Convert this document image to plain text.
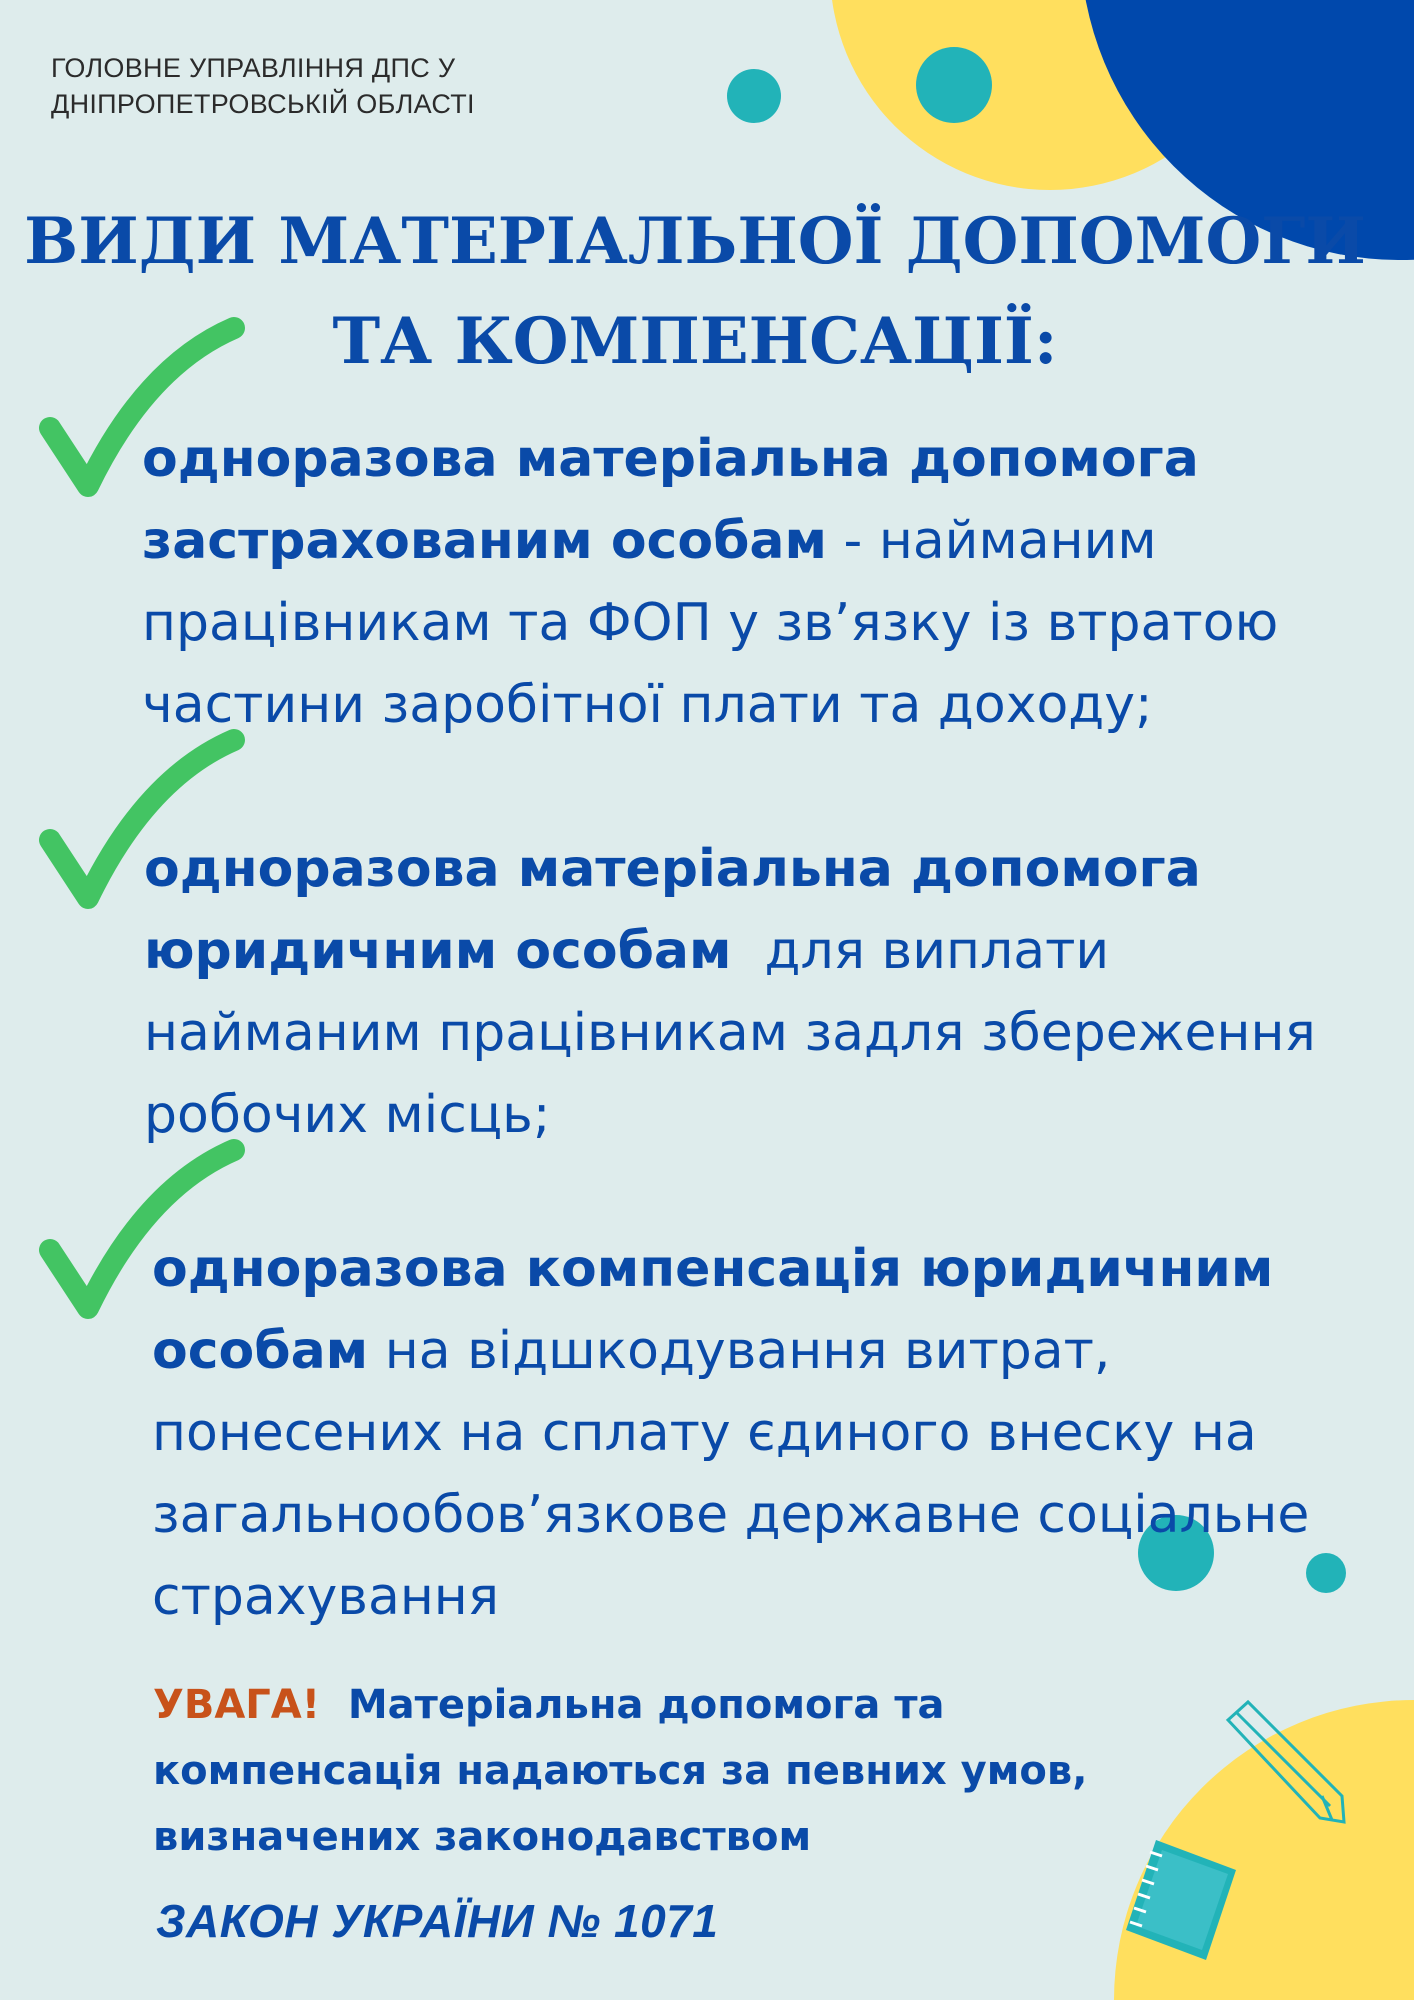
ГОЛОВНЕ УПРАВЛІННЯ ДПС У
ДНІПРОПЕТРОВСЬКІЙ ОБЛАСТІ
ВИДИ МАТЕРІАЛЬНОЇ ДОПОМОГИ
ТА КОМПЕНСАЦІЇ:
одноразова матеріальна допомога застрахованим особам - найманим працівникам та ФОП у зв’язку із втратою частини заробітної плати та доходу;
одноразова матеріальна допомога юридичним особам  для виплати найманим працівникам задля збереження робочих місць;
одноразова компенсація юридичним особам на відшкодування витрат, понесених на сплату єдиного внеску на загальнообов’язкове державне соціальне страхування
УВАГА!  Матеріальна допомога та компенсація надаються за певних умов, визначених законодавством
ЗАКОН УКРАЇНИ № 1071
